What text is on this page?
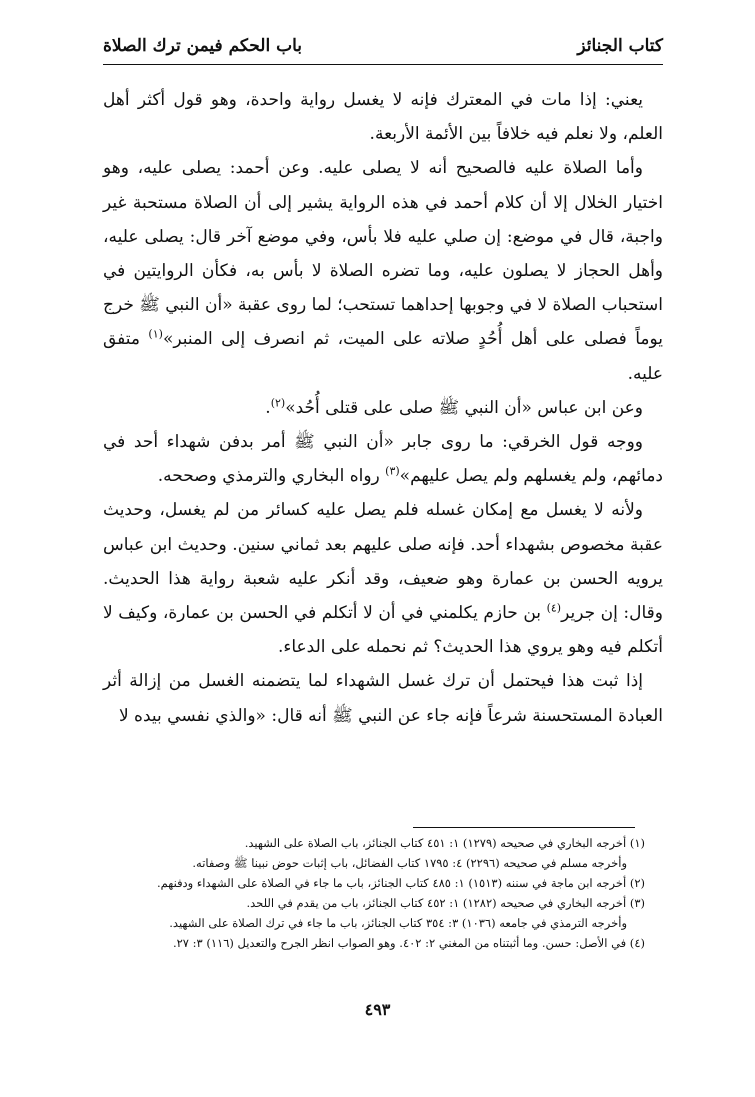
كتاب الجنائز
باب الحكم فيمن ترك الصلاة

يعني: إذا مات في المعترك فإنه لا يغسل رواية واحدة، وهو قول أكثر أهل العلم، ولا نعلم فيه خلافاً بين الأئمة الأربعة.

وأما الصلاة عليه فالصحيح أنه لا يصلى عليه. وعن أحمد: يصلى عليه، وهو اختيار الخلال إلا أن كلام أحمد في هذه الرواية يشير إلى أن الصلاة مستحبة غير واجبة، قال في موضع: إن صلي عليه فلا بأس، وفي موضع آخر قال: يصلى عليه، وأهل الحجاز لا يصلون عليه، وما تضره الصلاة لا بأس به، فكأن الروايتين في استحباب الصلاة لا في وجوبها إحداهما تستحب؛ لما روى عقبة «أن النبي ﷺ خرج يوماً فصلى على أهل أُحُدٍ صلاته على الميت، ثم انصرف إلى المنبر»$^{(١)}$ متفق عليه.

وعن ابن عباس «أن النبي ﷺ صلى على قتلى أُحُد»$^{(٢)}$.

ووجه قول الخرقي: ما روى جابر «أن النبي ﷺ أمر بدفن شهداء أحد في دمائهم، ولم يغسلهم ولم يصل عليهم»$^{(٣)}$ رواه البخاري والترمذي وصححه.

ولأنه لا يغسل مع إمكان غسله فلم يصل عليه كسائر من لم يغسل، وحديث عقبة مخصوص بشهداء أحد. فإنه صلى عليهم بعد ثماني سنين. وحديث ابن عباس يرويه الحسن بن عمارة وهو ضعيف، وقد أنكر عليه شعبة رواية هذا الحديث. وقال: إن جرير$^{(٤)}$ بن حازم يكلمني في أن لا أتكلم في الحسن بن عمارة، وكيف لا أتكلم فيه وهو يروي هذا الحديث؟ ثم نحمله على الدعاء.

إذا ثبت هذا فيحتمل أن ترك غسل الشهداء لما يتضمنه الغسل من إزالة أثر العبادة المستحسنة شرعاً فإنه جاء عن النبي ﷺ أنه قال: «والذي نفسي بيده لا

(١) أخرجه البخاري في صحيحه (١٢٧٩) ١: ٤٥١ كتاب الجنائز، باب الصلاة على الشهيد.
وأخرجه مسلم في صحيحه (٢٢٩٦) ٤: ١٧٩٥ كتاب الفضائل، باب إثبات حوض نبينا ﷺ وصفاته.
(٢) أخرجه ابن ماجة في سننه (١٥١٣) ١: ٤٨٥ كتاب الجنائز، باب ما جاء في الصلاة على الشهداء ودفنهم.
(٣) أخرجه البخاري في صحيحه (١٢٨٢) ١: ٤٥٢ كتاب الجنائز، باب من يقدم في اللحد.
وأخرجه الترمذي في جامعه (١٠٣٦) ٣: ٣٥٤ كتاب الجنائز، باب ما جاء في ترك الصلاة على الشهيد.
(٤) في الأصل: حسن. وما أثبتناه من المغني ٢: ٤٠٢. وهو الصواب انظر الجرح والتعديل (١١٦) ٣: ٢٧.
٤٩٣
